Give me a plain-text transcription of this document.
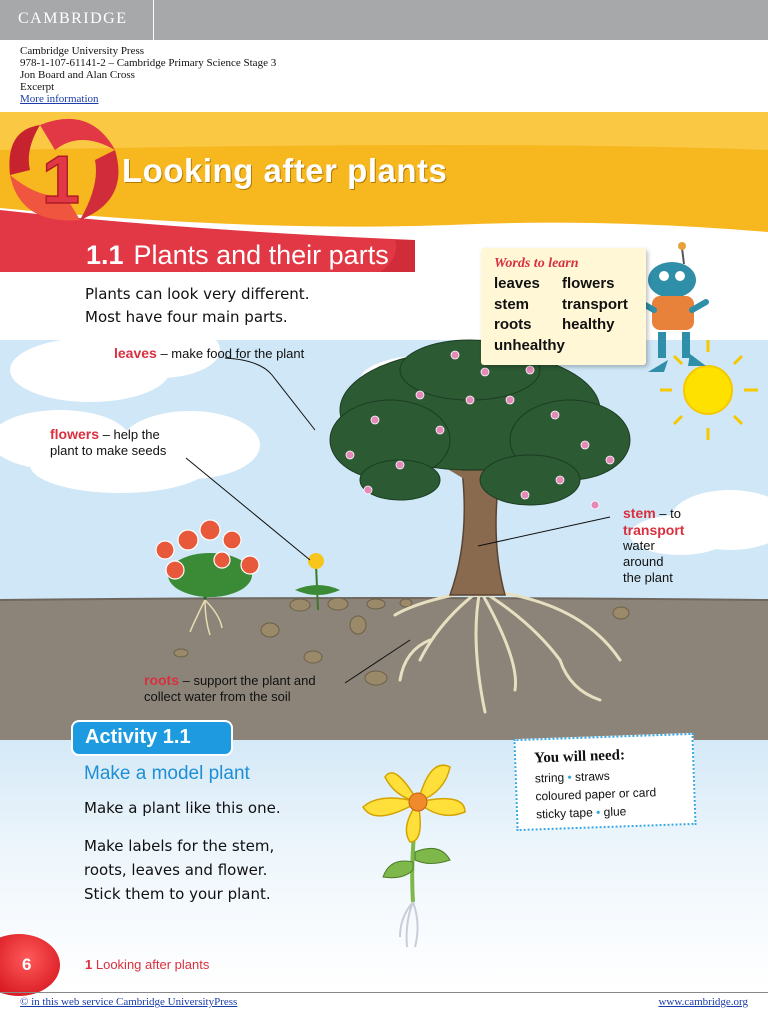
CAMBRIDGE
Cambridge University Press
978-1-107-61141-2 – Cambridge Primary Science Stage 3
Jon Board and Alan Cross
Excerpt
More information
1 Looking after plants
1.1 Plants and their parts
Plants can look very different.
Most have four main parts.
Words to learn
leaves	flowers
stem	transport
roots	healthy
unhealthy
leaves – make food for the plant
flowers – help the
plant to make seeds
stem – to
transport
water
around
the plant
roots – support the plant and
collect water from the soil
Activity 1.1
Make a model plant
Make a plant like this one.
Make labels for the stem,
roots, leaves and flower.
Stick them to your plant.
You will need:
string • straws
coloured paper or card
sticky tape • glue
6	1 Looking after plants
© in this web service Cambridge UniversityPress	www.cambridge.org
